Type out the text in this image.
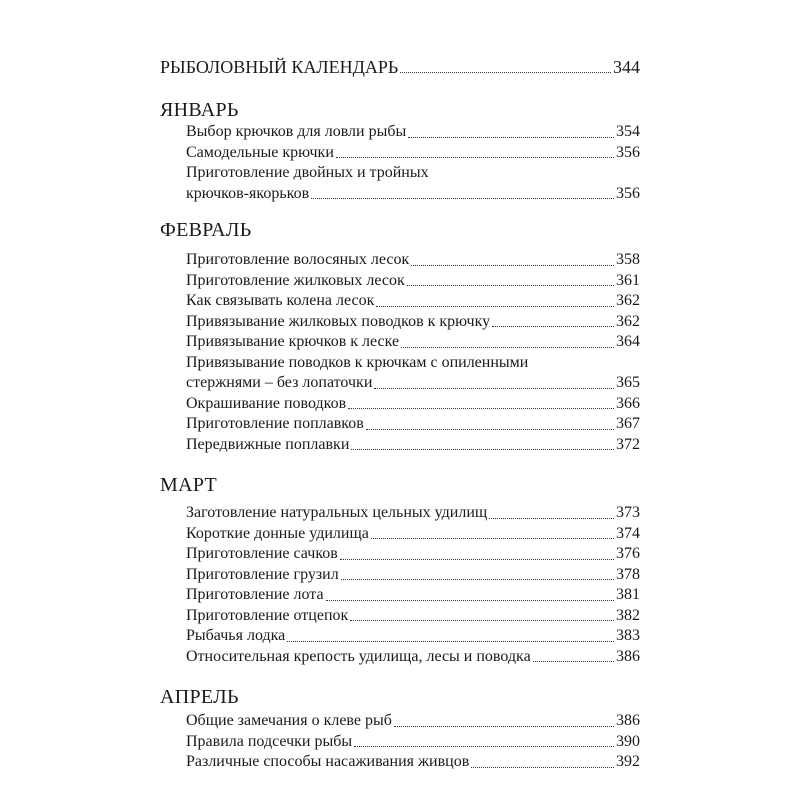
РЫБОЛОВНЫЙ КАЛЕНДАРЬ	344
ЯНВАРЬ
Выбор крючков для ловли рыбы	354
Самодельные крючки	356
Приготовление двойных и тройных
крючков-якорьков	356
ФЕВРАЛЬ
Приготовление волосяных лесок	358
Приготовление жилковых лесок	361
Как связывать колена лесок	362
Привязывание жилковых поводков к крючку	362
Привязывание крючков к леске	364
Привязывание поводков к крючкам с опиленными
стержнями – без лопаточки	365
Окрашивание поводков	366
Приготовление поплавков	367
Передвижные поплавки	372
МАРТ
Заготовление натуральных цельных удилищ	373
Короткие донные удилища	374
Приготовление сачков	376
Приготовление грузил	378
Приготовление лота	381
Приготовление отцепок	382
Рыбачья лодка	383
Относительная крепость удилища, лесы и поводка	386
АПРЕЛЬ
Общие замечания о клеве рыб	386
Правила подсечки рыбы	390
Различные способы насаживания живцов	392
